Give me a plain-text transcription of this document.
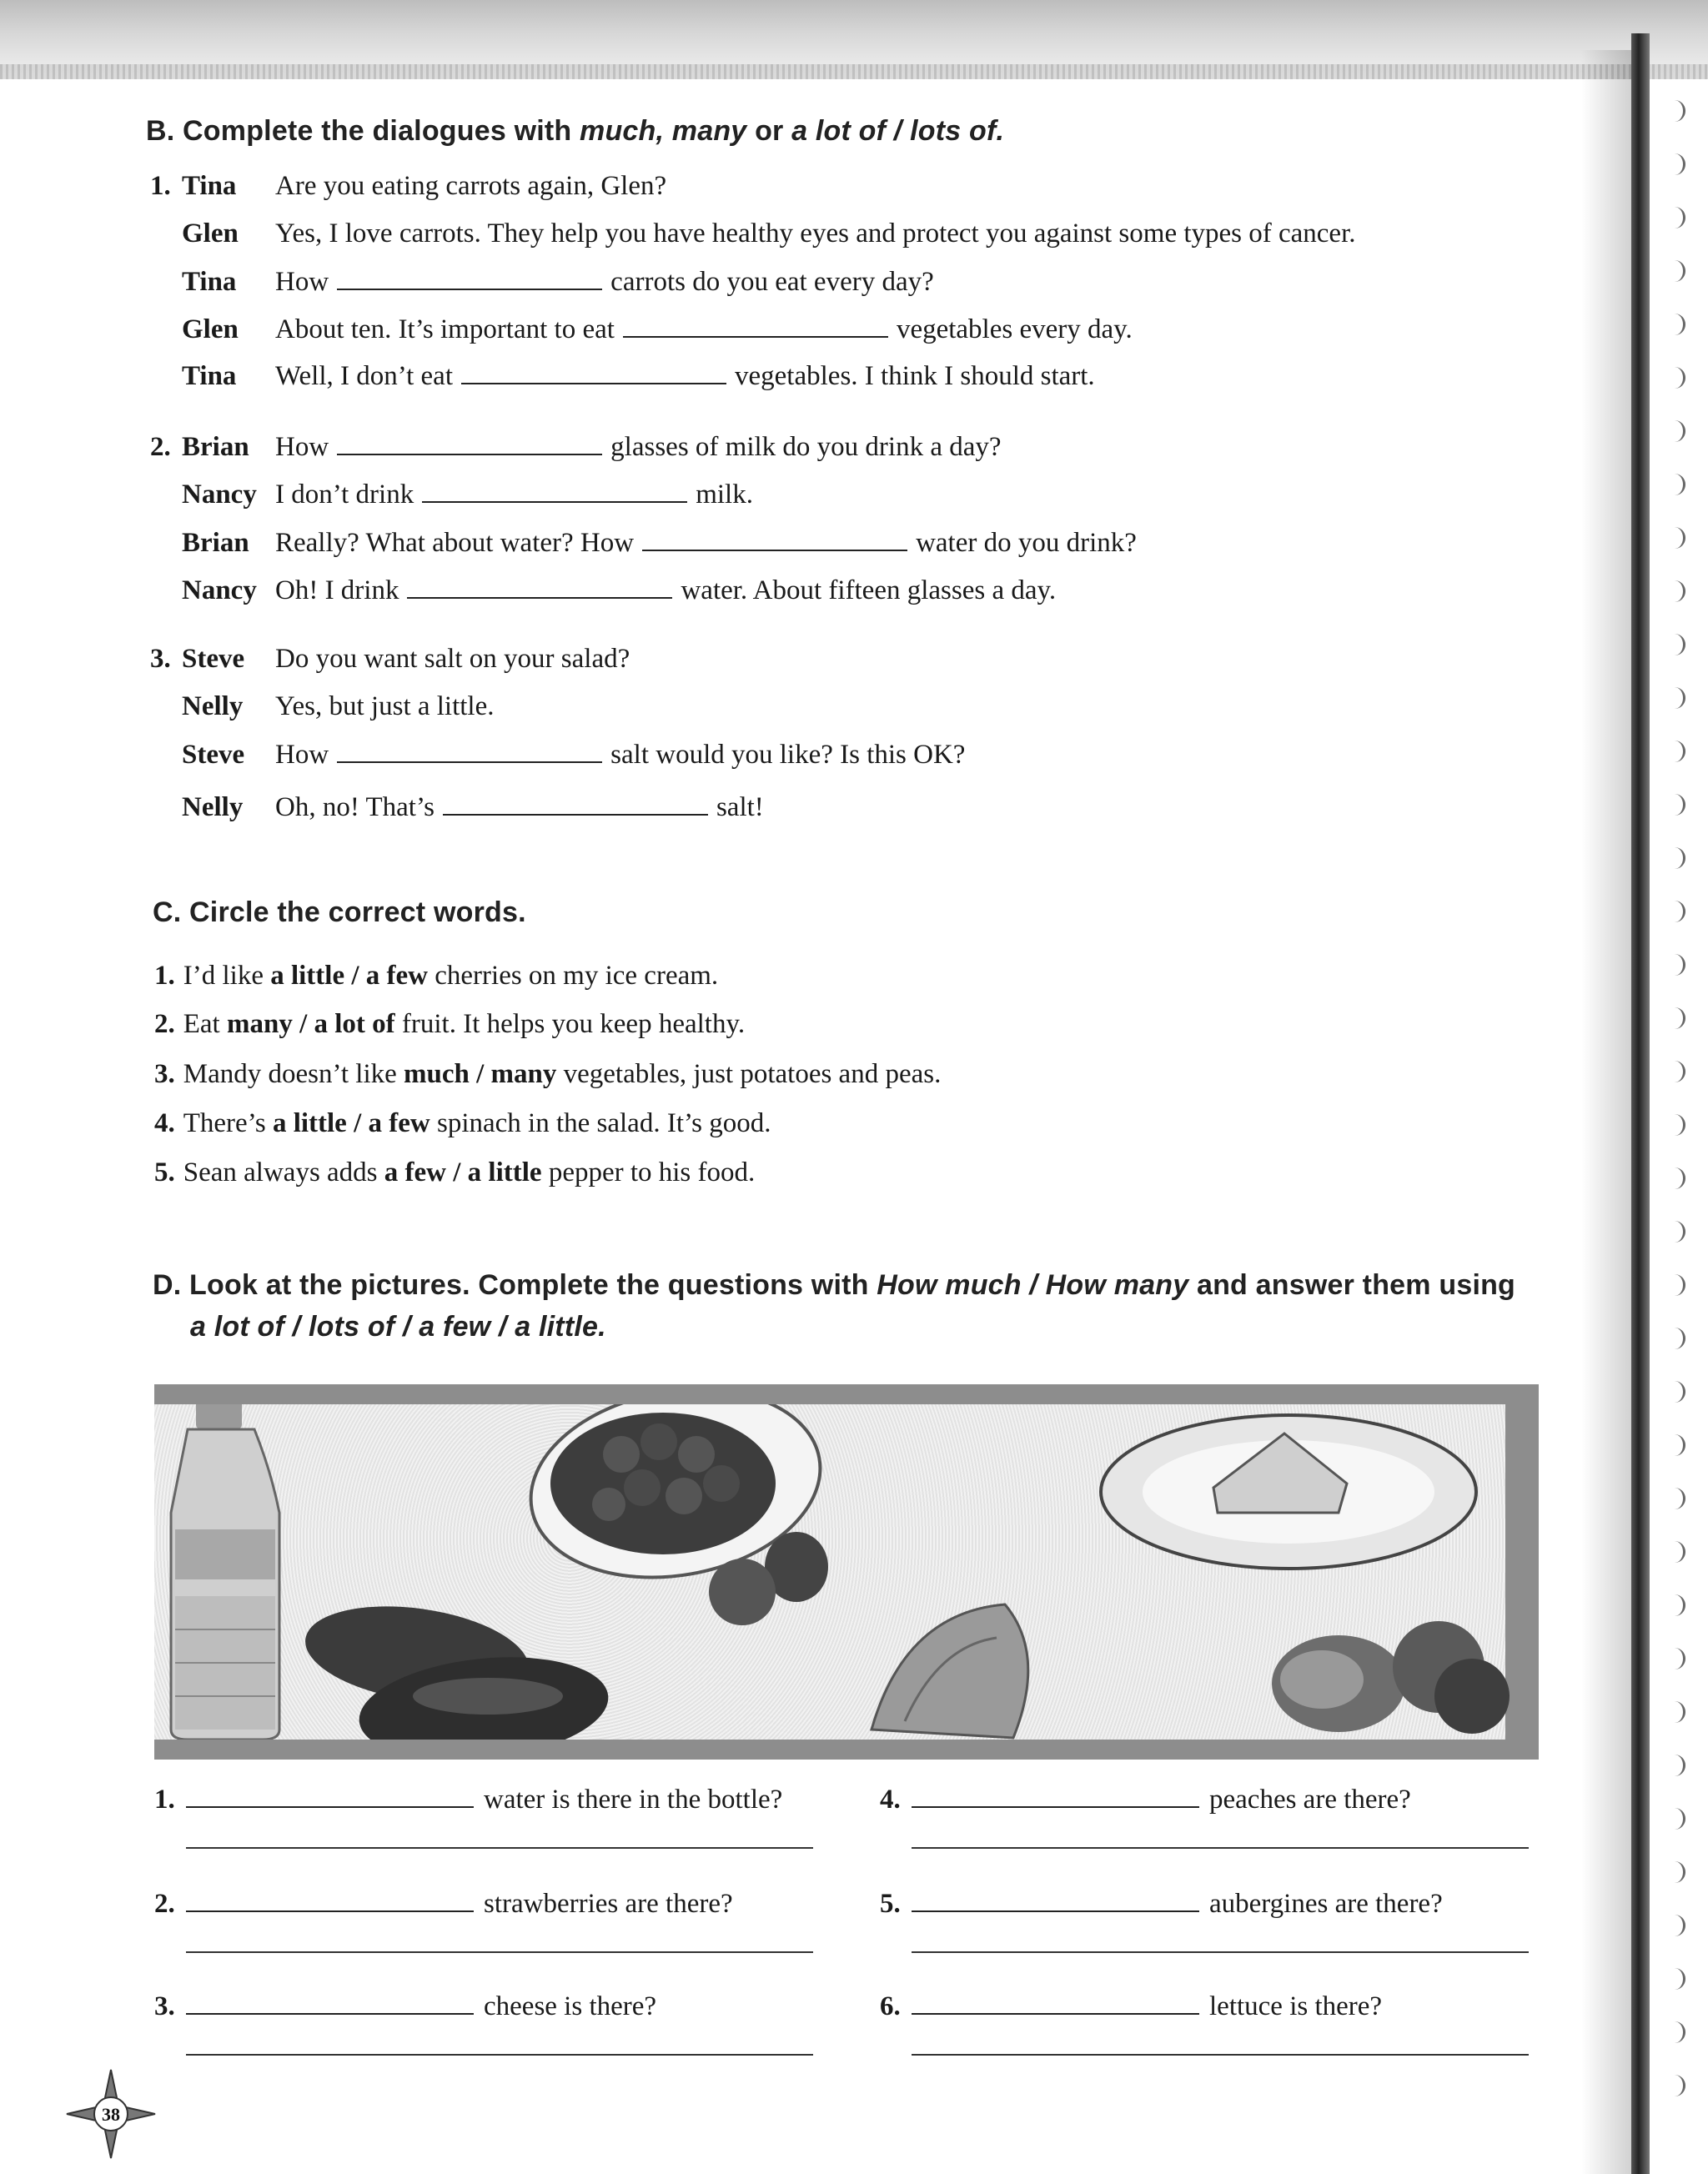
B. Complete the dialogues with much, many or a lot of / lots of.
1. Tina Are you eating carrots again, Glen?
Glen Yes, I love carrots. They help you have healthy eyes and protect you against some types of cancer.
Tina How	carrots do you eat every day?
Glen About ten. It’s important to eat	vegetables every day.
Tina Well, I don’t eat	vegetables. I think I should start.
2. Brian How	glasses of milk do you drink a day?
Nancy I don’t drink	milk.
Brian Really? What about water? How	water do you drink?
Nancy Oh! I drink	water. About fifteen glasses a day.
3. Steve Do you want salt on your salad?
Nelly Yes, but just a little.
Steve How	salt would you like? Is this OK?
Nelly Oh, no! That’s	salt!
C. Circle the correct words.
1. I’d like a little / a few cherries on my ice cream.
2. Eat many / a lot of fruit. It helps you keep healthy.
3. Mandy doesn’t like much / many vegetables, just potatoes and peas.
4. There’s a little / a few spinach in the salad. It’s good.
5. Sean always adds a few / a little pepper to his food.
D. Look at the pictures. Complete the questions with How much / How many and answer them using
a lot of / lots of / a few / a little.
1.	water is there in the bottle?
2.	strawberries are there?
3.	cheese is there?
4.	peaches are there?
5.	aubergines are there?
6.	lettuce is there?
38
